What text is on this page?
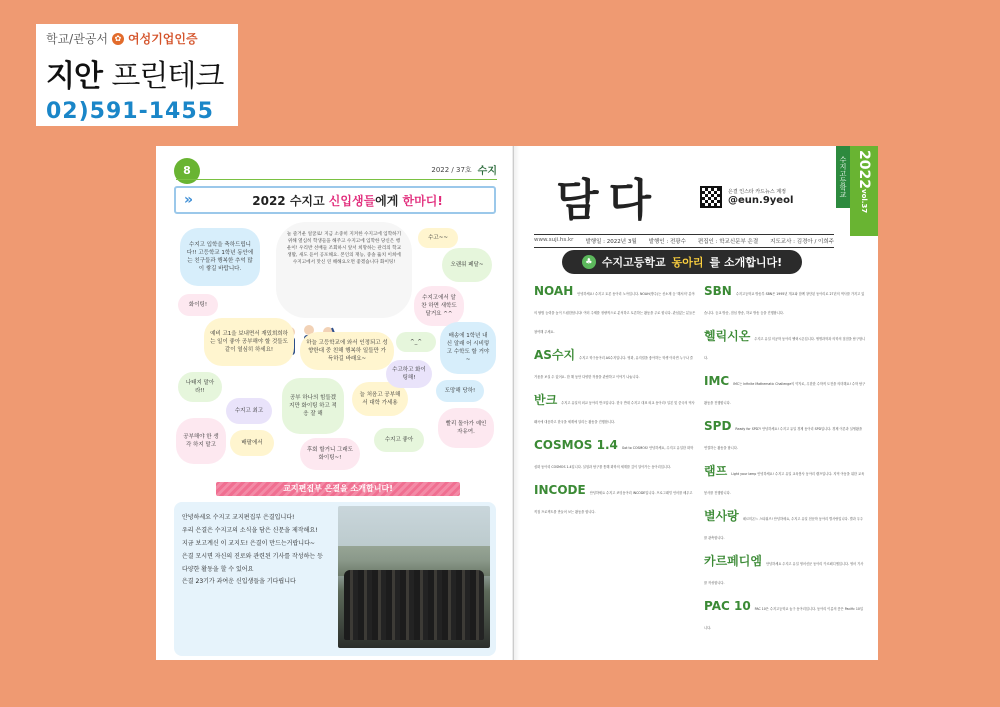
학교/관공서 ✿ 여성기업인증
지안 프린테크
02)591-1455
8	2022 / 37호 수지
»	2022 수지고 신입생들에게 한마디!
늘 즐거운 얼굴로! 지금 소중히 지켜한 수지고에 입학하기 위해 열심히 학생들을 해주고 수지고에 입학한 당신은 행운이! 우리반 선배들 조회하시 앞서 희망하는 관리의 학교 생활, 새도 듣어 공포해요. 본인의 재능, 중솔 뚫치 이희에 수지고에서 맛신 연 해해요오면 좋겠습니다 화이팅!
수지고 입학을 축하드립니다!! 고등학교 1학년 동안에는 친구들과 행복한 추억 많이 쌓길 바랍니다.
화이팅!
예비 고1을 보내면서 재밌희희하는 일이 좋아 공부해야 할 것들도 같이 열심히 하세요!
나태지 말아라!!
수지고 최고
공부해야 한 생각 하지 말고	배팔에서
수고~~
오랜워 페달~
수지고에서 알찬 하면 새학도 달거요 ^^
하늘 고등학교에 와서 인정되고 성향한대 중 친해 행복하 일들만 가득하길 바래요~
^_^
배송에 1학년 내신 알래 어 시비렇고 수학도 할 거야~
공부 하나의 힘들겠지만 화이팅 하고 적응 잘 해
늘 처음고 공부해서 대학 가세용
수고하고 화이팅해!
도망해 당하!
후회 할거니 그래도 화이팅~!
빨리 돌아가 예인 자유여.
수지고 좋아
교지편집부 은결을 소개합니다!
안녕하세요 수지고 교지편집부 은결입니다!
우리 은결은 수지고의 소식을 담은 신문을 제작해요!
지금 보고계신 이 교지도! 은결이 만드는거랍니다~
은결 모시면 자신의 진로와 관련된 기사를 작성하는 등
다양한 활동을 할 수 있어요
은결 23기가 과여운 신입생들을 기다립니다
담다	은결 인스타 카드뉴스 계정
@eun.9yeol
수지고등학교 2022
vol.37
www.suji.hs.kr 발행일 : 2022년 3월 발행인 : 전광수 편집인 : 학교신문부 은결 지도교사 : 김경아 / 이희주
♣ 수지고등학교 동아리 를 소개합니다!
NOAH 안녕하세요! 수지고 토론 동아리 노아입니다. NOAH(방주)는 신소재 등 '해서의' 분야의 탈범 능력을 높이 드림한답니다! 여러 주제를 정량적으로 분석하고 토론하는 활동을 주로 합니다. 관심있는 분들은 참여해 주세요.
AS수지 수지고 학구동아리 AS수지입니다. 영화, 뮤지컬을 좋아하는 학생 이라면 누구나 즐거움을 보실 수 있어요. 한 해 동안 다양한 작품을 관람하고 이야기 나눕니다.
반크 수지고 유일의 외교 동아리 반크입니다. 한국 반대 수지고 대표 외교 동아리! 일본 및 중국의 역사 왜곡에 대응하고 한국을 세계에 알리는 활동을 진행합니다.
COSMOS 1.4 Got to COSMOS! 안녕하세요, 수지고 유일한 화학 심화 동아리 COSMOS 1.4입니다. 실험과 탐구를 통해 화학의 세계를 깊이 알아가는 동아리입니다.
INCODE 안녕하세요 수지고 코딩동아리 INCODE입니다. 프로그래밍 언어를 배우고 직접 프로젝트를 만들어 보는 활동을 합니다.
SBN 수지고등학교 방송부 SBN은 1995년 개교와 함께 창단된 동아리로 27년의 역사를 가지고 있습니다. 등교 방송, 점심 방송, 하교 방송 등을 진행합니다.
헬릭시온 수지고 유일 의공학 동아리 헬릭시온입니다. 생명과학과 의학의 접점을 탐구합니다.
IMC IMC는 Infinite Mathematic Challenge의 약자로, 무한한 수학적 도전을 의미해요! 수학 탐구 활동을 진행합니다.
SPD Ready for SPD?! 안녕하세요! 수지고 유일 경제 동아리 SPD입니다. 경제 이론과 실생활을 연결하는 활동을 합니다.
램프 Light your lamp 안녕하세요! 수지고 유일 교육봉사 동아리 램프입니다. 지역 아동을 위한 교육 봉사를 진행합니다.
별사랑 헤르미온느 스타워즈! 안녕하세요, 수지고 유일 천문학 동아리 별사랑입니다. 별과 우주를 관측합니다.
카르페디엠 안녕하세요 수지고 유일 영어신문 동아리 카르페디엠입니다. 영어 기사를 작성합니다.
PAC 10 PAC 10은 수지고등학교 놓구 동아리입니다. 동아리 이름의 뜻은 Pacific 10입니다.
